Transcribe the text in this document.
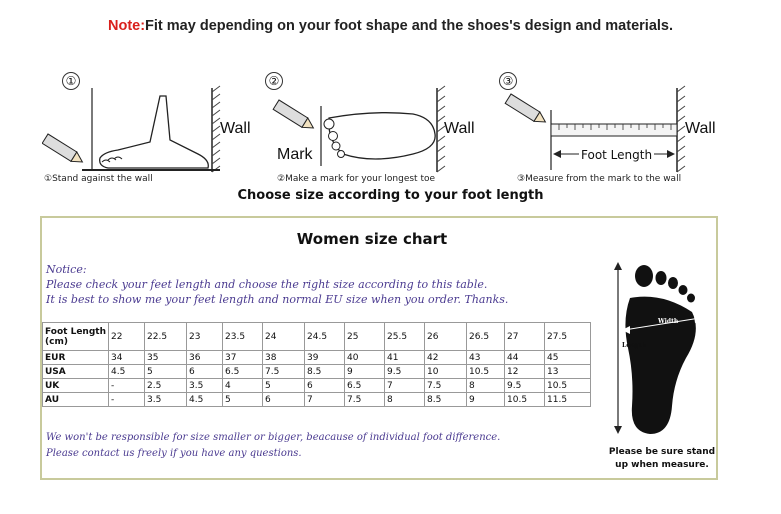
Note:Fit may depending on your foot shape and the shoes's design and materials.
①
Wall
①Stand against the wall
②
Mark
Wall
②Make a mark for your longest toe
③
Foot Length
Wall
③Measure from the mark to the wall
Choose size according to your foot length
Women size chart
Notice:
Please check your feet length and choose the right size according to this table.
It is best to show me your feet length and normal EU size when you order. Thanks.
Foot Length (cm)	22	22.5	23	23.5	24	24.5	25	25.5	26	26.5	27	27.5
EUR	34	35	36	37	38	39	40	41	42	43	44	45
USA	4.5	5	6	6.5	7.5	8.5	9	9.5	10	10.5	12	13
UK	-	2.5	3.5	4	5	6	6.5	7	7.5	8	9.5	10.5
AU	-	3.5	4.5	5	6	7	7.5	8	8.5	9	10.5	11.5
We won't be responsible for size smaller or bigger, beacause of individual foot difference.
Please contact us freely if you have any questions.
Width
Length
Please be sure stand up when measure.
